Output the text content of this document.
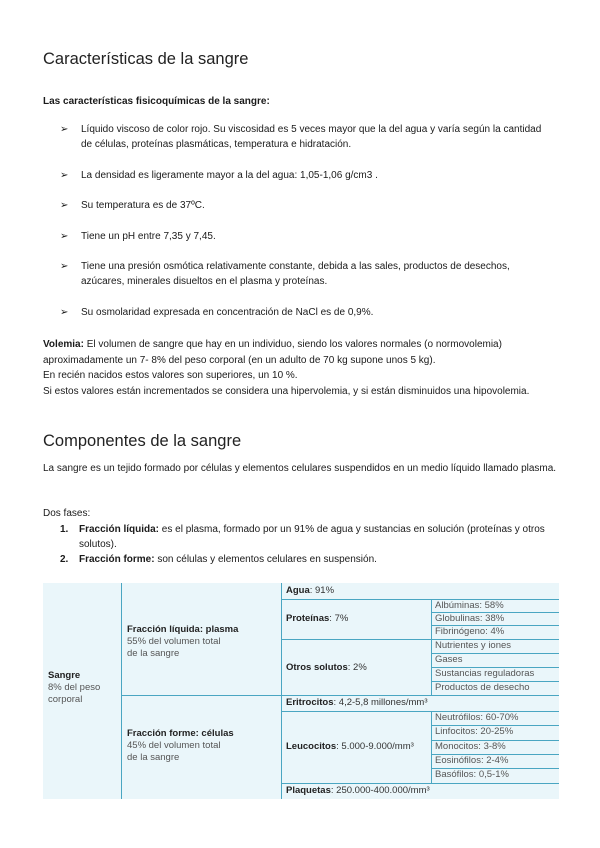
Características de la sangre

Las características fisicoquímicas de la sangre:

➢ Líquido viscoso de color rojo. Su viscosidad es 5 veces mayor que la del agua y varía según la cantidad de células, proteínas plasmáticas, temperatura e hidratación.
➢ La densidad es ligeramente mayor a la del agua: 1,05-1,06 g/cm3 .
➢ Su temperatura es de 37ºC.
➢ Tiene un pH entre 7,35 y 7,45.
➢ Tiene una presión osmótica relativamente constante, debida a las sales, productos de desechos, azúcares, minerales disueltos en el plasma y proteínas.
➢ Su osmolaridad expresada en concentración de NaCl es de 0,9%.

Volemia: El volumen de sangre que hay en un individuo, siendo los valores normales (o normovolemia) aproximadamente un 7- 8% del peso corporal (en un adulto de 70 kg supone unos 5 kg).

En recién nacidos estos valores son superiores, un 10 %.

Si estos valores están incrementados se considera una hipervolemia, y si están disminuidos una hipovolemia.

Componentes de la sangre

La sangre es un tejido formado por células y elementos celulares suspendidos en un medio líquido llamado plasma.

Dos fases:

1. Fracción líquida: es el plasma, formado por un 91% de agua y sustancias en solución (proteínas y otros solutos).
2. Fracción forme: son células y elementos celulares en suspensión.
Sangre
8% del peso
corporal
Fracción líquida: plasma
55% del volumen total
de la sangre
Fracción forme: células
45% del volumen total
de la sangre
Agua: 91%
Proteínas: 7%
Albúminas: 58%
Globulinas: 38%
Fibrinógeno: 4%
Otros solutos: 2%
Nutrientes y iones
Gases
Sustancias reguladoras
Productos de desecho
Eritrocitos: 4,2-5,8 millones/mm³
Leucocitos: 5.000-9.000/mm³
Neutrófilos: 60-70%
Linfocitos: 20-25%
Monocitos: 3-8%
Eosinófilos: 2-4%
Basófilos: 0,5-1%
Plaquetas: 250.000-400.000/mm³
